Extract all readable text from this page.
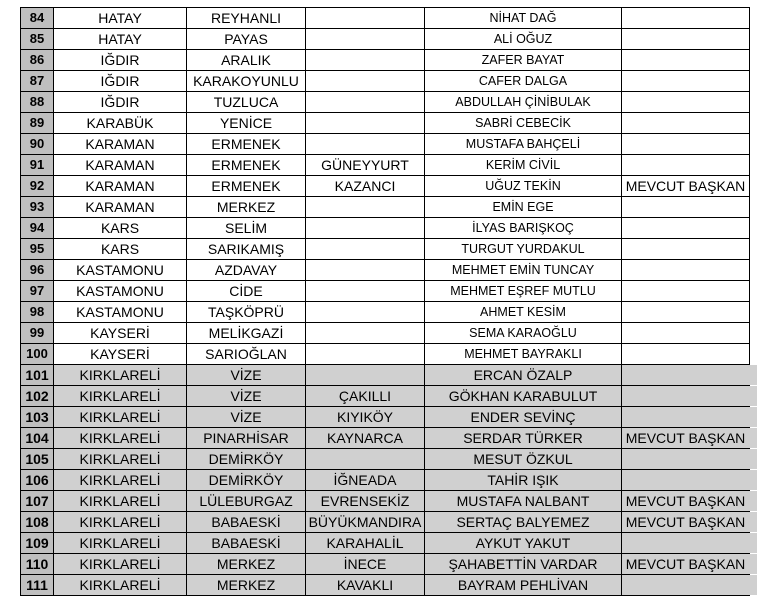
84	HATAY	REYHANLI		NİHAT DAĞ	
85	HATAY	PAYAS		ALİ OĞUZ	
86	IĞDIR	ARALIK		ZAFER BAYAT	
87	IĞDIR	KARAKOYUNLU		CAFER DALGA	
88	IĞDIR	TUZLUCA		ABDULLAH ÇİNİBULAK	
89	KARABÜK	YENİCE		SABRİ CEBECİK	
90	KARAMAN	ERMENEK		MUSTAFA BAHÇELİ	
91	KARAMAN	ERMENEK	GÜNEYYURT	KERİM CİVİL	
92	KARAMAN	ERMENEK	KAZANCI	UĞUZ TEKİN	MEVCUT BAŞKAN
93	KARAMAN	MERKEZ		EMİN EGE	
94	KARS	SELİM		İLYAS BARIŞKOÇ	
95	KARS	SARIKAMIŞ		TURGUT YURDAKUL	
96	KASTAMONU	AZDAVAY		MEHMET EMİN TUNCAY	
97	KASTAMONU	CİDE		MEHMET EŞREF MUTLU	
98	KASTAMONU	TAŞKÖPRÜ		AHMET KESİM	
99	KAYSERİ	MELİKGAZİ		SEMA KARAOĞLU	
100	KAYSERİ	SARIOĞLAN		MEHMET BAYRAKLI	
101	KIRKLARELİ	VİZE		ERCAN ÖZALP	
102	KIRKLARELİ	VİZE	ÇAKILLI	GÖKHAN KARABULUT	
103	KIRKLARELİ	VİZE	KIYIKÖY	ENDER SEVİNÇ	
104	KIRKLARELİ	PINARHİSAR	KAYNARCA	SERDAR TÜRKER	MEVCUT BAŞKAN
105	KIRKLARELİ	DEMİRKÖY		MESUT ÖZKUL	
106	KIRKLARELİ	DEMİRKÖY	İĞNEADA	TAHİR IŞIK	
107	KIRKLARELİ	LÜLEBURGAZ	EVRENSEKİZ	MUSTAFA NALBANT	MEVCUT BAŞKAN
108	KIRKLARELİ	BABAESKİ	BÜYÜKMANDIRA	SERTAÇ BALYEMEZ	MEVCUT BAŞKAN
109	KIRKLARELİ	BABAESKİ	KARAHALİL	AYKUT YAKUT	
110	KIRKLARELİ	MERKEZ	İNECE	ŞAHABETTİN VARDAR	MEVCUT BAŞKAN
111	KIRKLARELİ	MERKEZ	KAVAKLI	BAYRAM PEHLİVAN	
